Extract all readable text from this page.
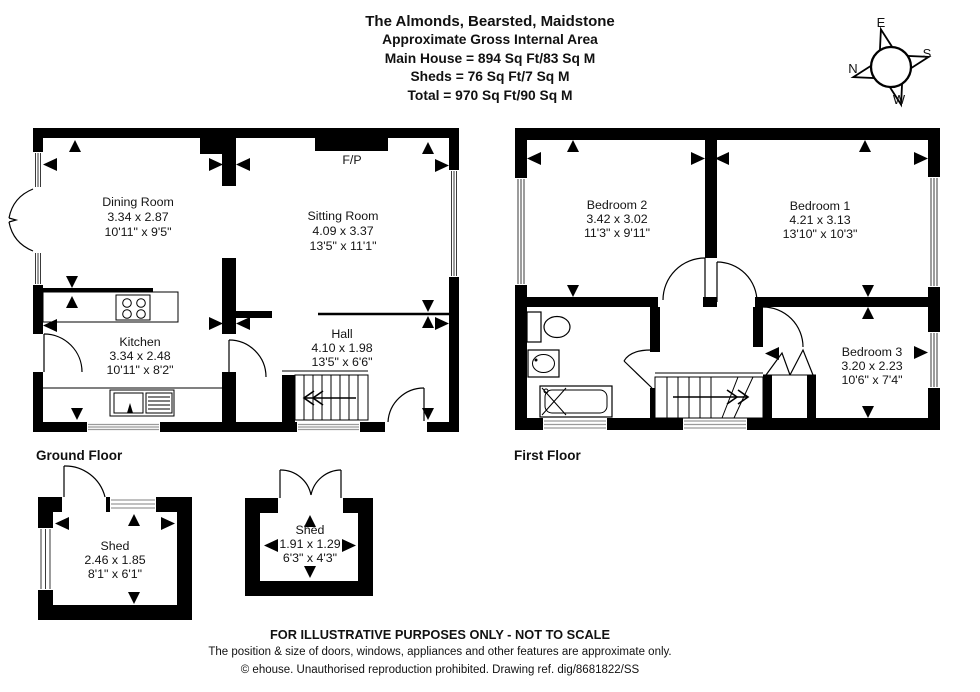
The Almonds, Bearsted, Maidstone
Approximate Gross Internal Area
Main House = 894 Sq Ft/83 Sq M
Sheds = 76 Sq Ft/7 Sq M
Total = 970 Sq Ft/90 Sq M
E
S
N
W
F/P
Dining Room
3.34 x 2.87
10'11" x 9'5"
Sitting Room
4.09 x 3.37
13'5" x 11'1"
Kitchen
3.34 x 2.48
10'11" x 8'2"
Hall
4.10 x 1.98
13'5" x 6'6"
Ground Floor
Bedroom 2
3.42 x 3.02
11'3" x 9'11"
Bedroom 1
4.21 x 3.13
13'10" x 10'3"
Bedroom 3
3.20 x 2.23
10'6" x 7'4"
First Floor
Shed
2.46 x 1.85
8'1" x 6'1"
Shed
1.91 x 1.29
6'3" x 4'3"
FOR ILLUSTRATIVE PURPOSES ONLY - NOT TO SCALE
The position & size of doors, windows, appliances and other features are approximate only.
© ehouse. Unauthorised reproduction prohibited. Drawing ref. dig/8681822/SS
